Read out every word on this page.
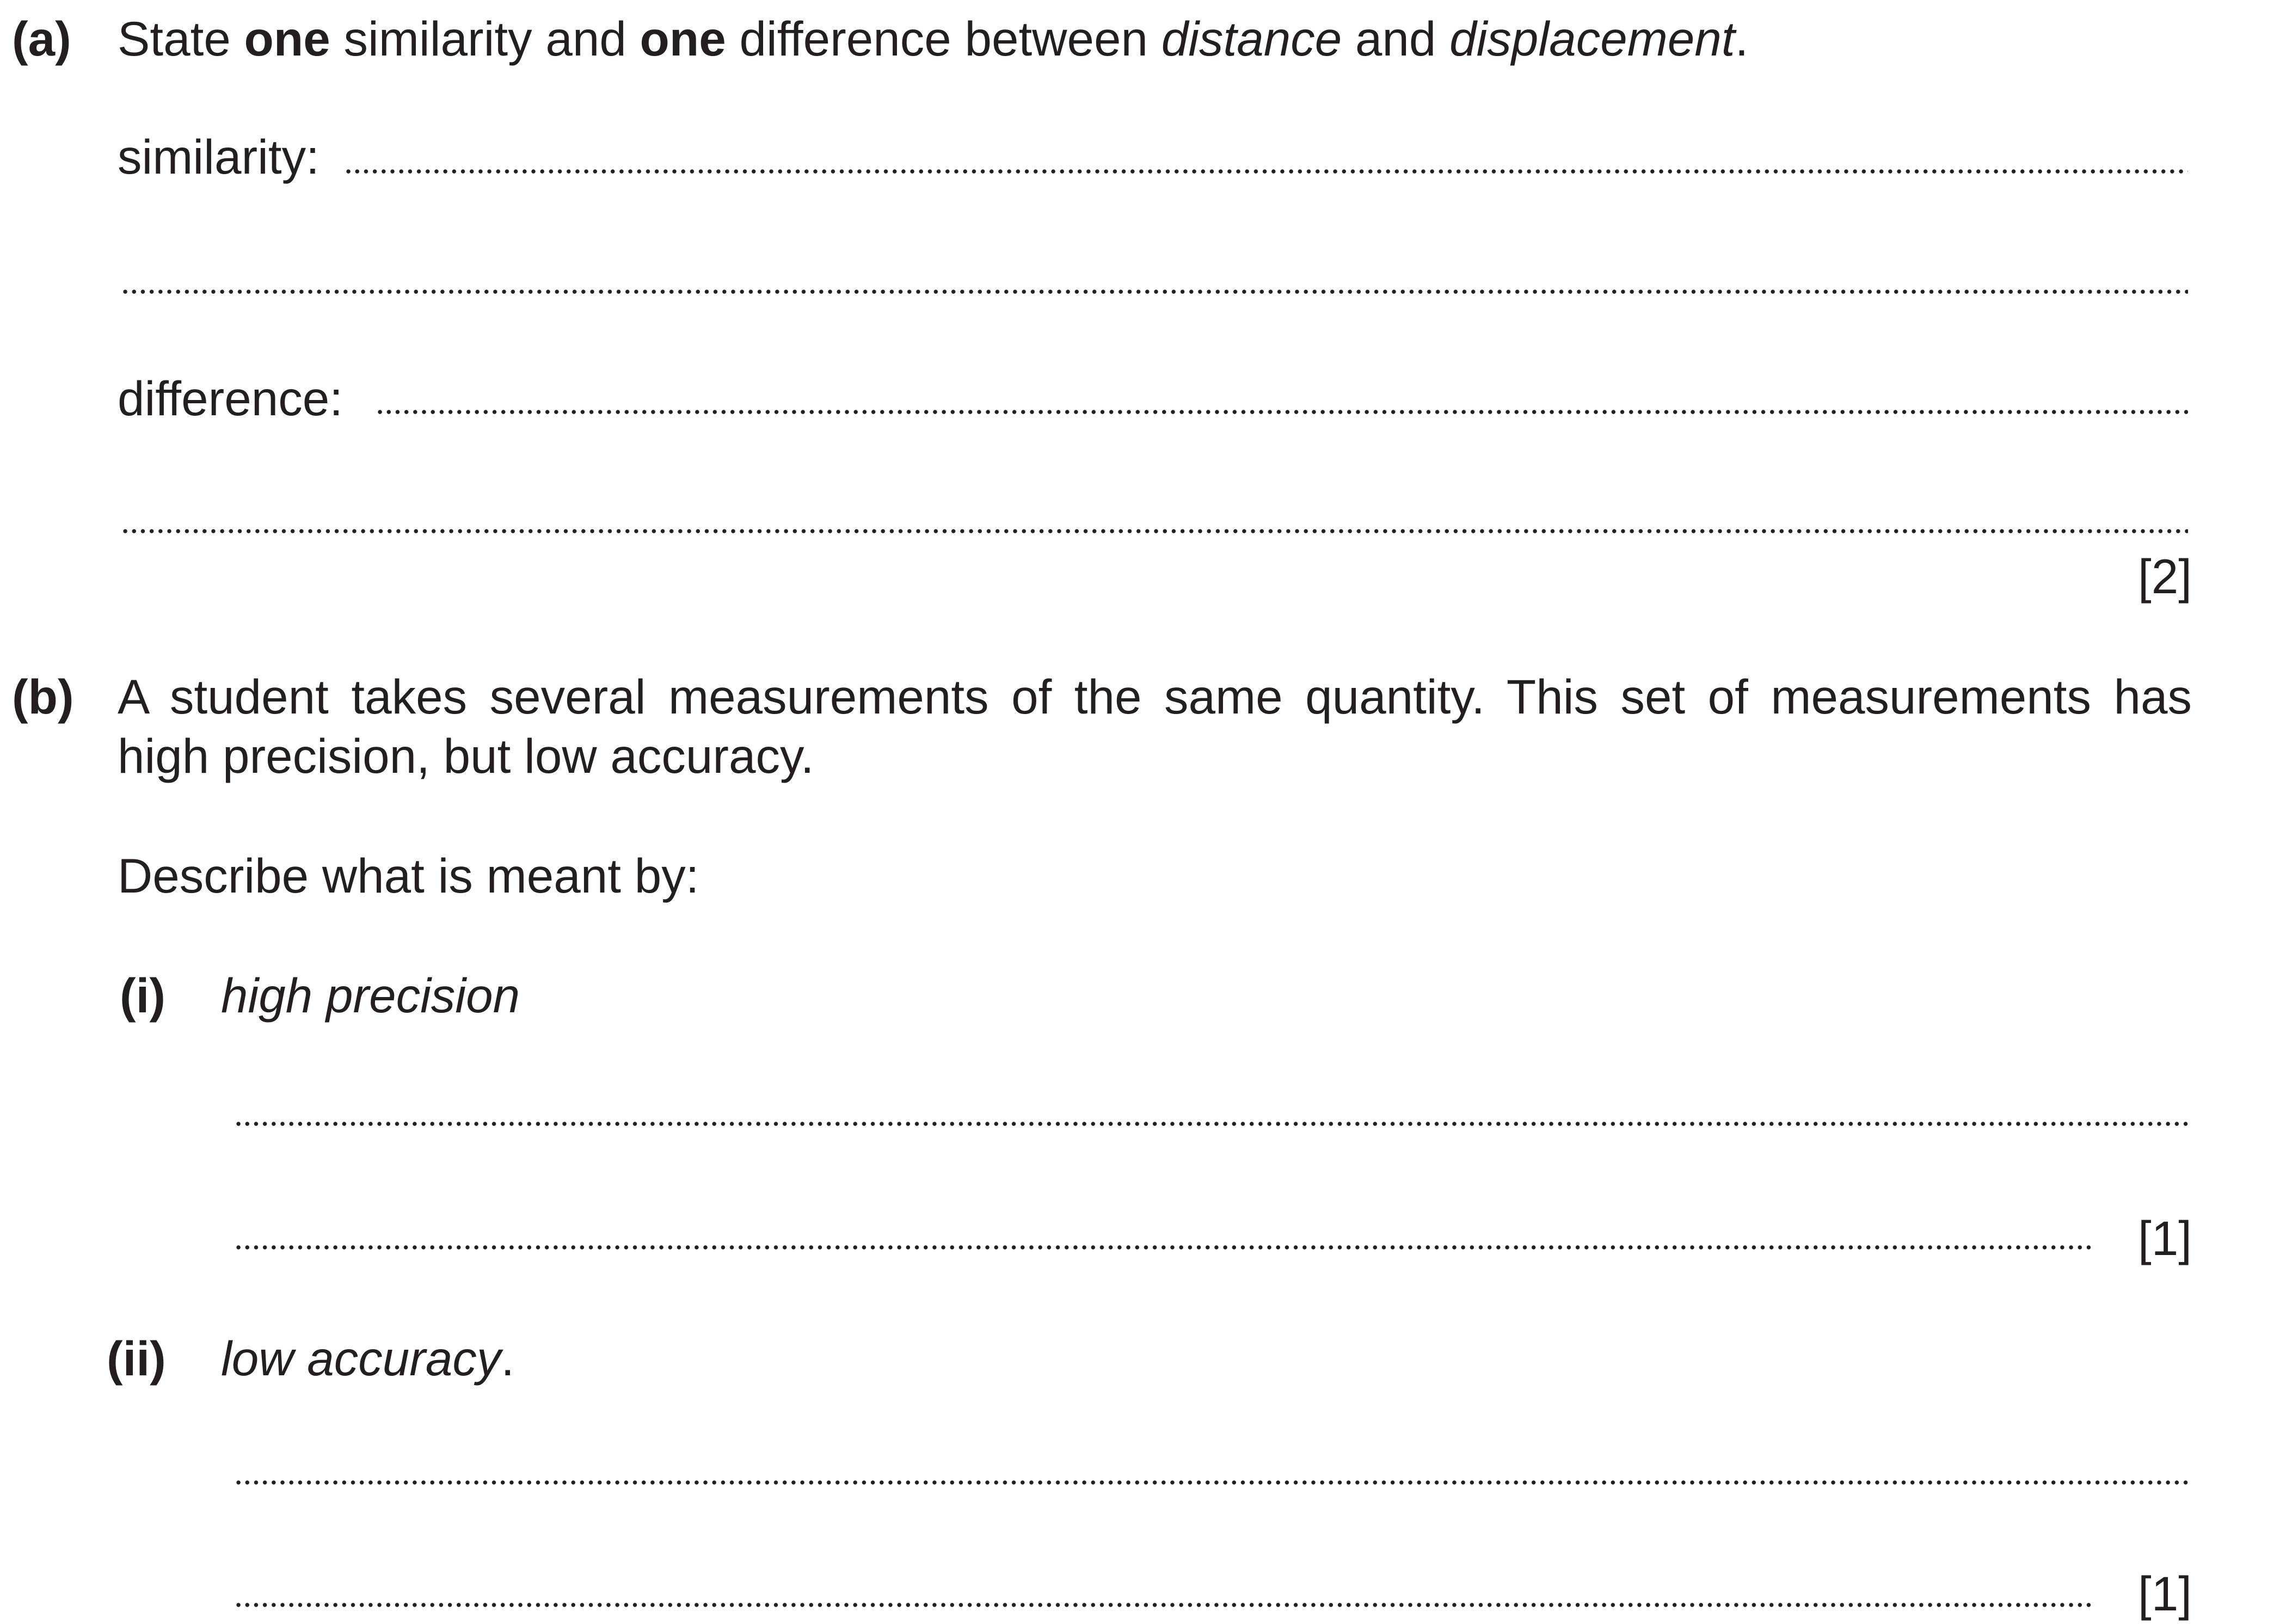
(a) State one similarity and one difference between distance and displacement.
similarity:
difference:
[2]
(b) A student takes several measurements of the same quantity. This set of measurements has
high precision, but low accuracy.
Describe what is meant by:
(i) high precision
[1]
(ii) low accuracy.
[1]
